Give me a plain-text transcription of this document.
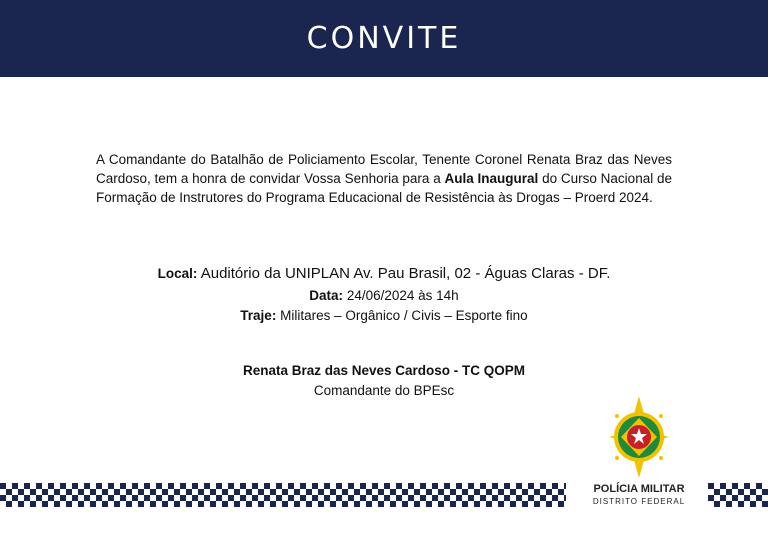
CONVITE

A Comandante do Batalhão de Policiamento Escolar, Tenente Coronel Renata Braz das Neves Cardoso, tem a honra de convidar Vossa Senhoria para a Aula Inaugural do Curso Nacional de Formação de Instrutores do Programa Educacional de Resistência às Drogas – Proerd 2024.

Local: Auditório da UNIPLAN Av. Pau Brasil, 02 - Águas Claras - DF.
Data: 24/06/2024 às 14h
Traje: Militares – Orgânico / Civis – Esporte fino
Renata Braz das Neves Cardoso - TC QOPM
Comandante do BPEsc
POLÍCIA MILITAR
DISTRITO FEDERAL
